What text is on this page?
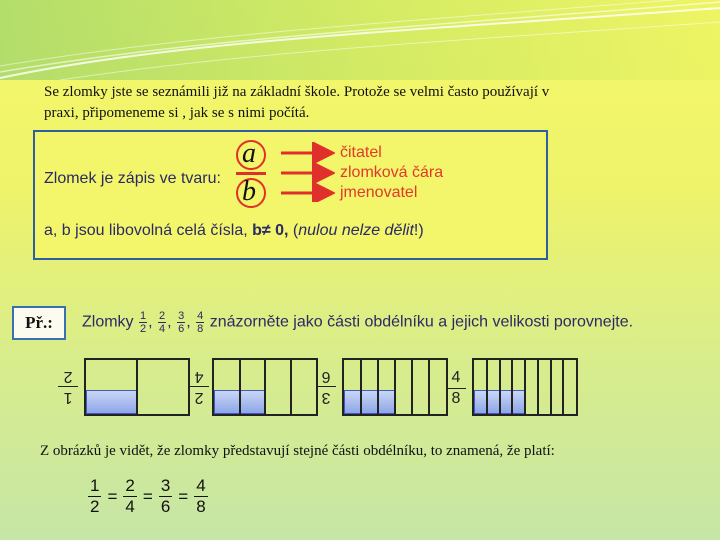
Se zlomky jste se seznámili již na základní škole. Protože se velmi často používají v
praxi, připomeneme si , jak se s nimi počítá.
Zlomek je zápis ve tvaru:
a
b
čitatel
zlomková čára
jmenovatel
a, b jsou libovolná celá čísla, b≠ 0, (nulou nelze dělit!)
Př.:	Zlomky $\frac{1}{2}$, $\frac{2}{4}$, $\frac{3}{6}$, $\frac{4}{8}$ znázorněte jako části obdélníku a jejich velikosti porovnejte.
1
2
2
4
3
6	4
8
Z obrázků je vidět, že zlomky představují stejné části obdélníku, to znamená, že platí:
$\frac{1}{2} = \frac{2}{4} = \frac{3}{6} = \frac{4}{8}$
